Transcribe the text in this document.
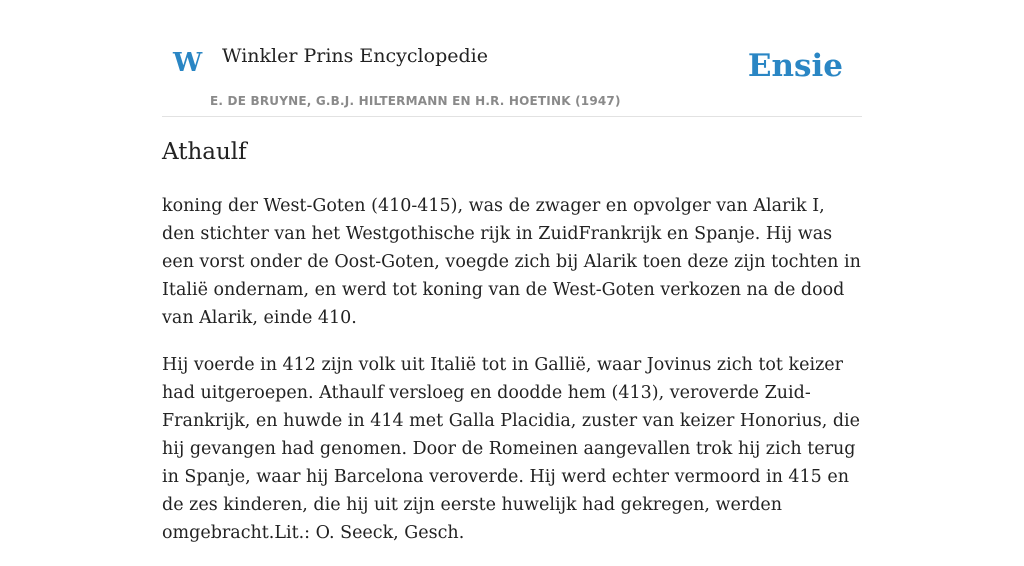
W Winkler Prins Encyclopedie
E. DE BRUYNE, G.B.J. HILTERMANN EN H.R. HOETINK (1947)
Ensie
Athaulf

koning der West-Goten (410-415), was de zwager en opvolger van Alarik I, den stichter van het Westgothische rijk in ZuidFrankrijk en Spanje. Hij was een vorst onder de Oost-Goten, voegde zich bij Alarik toen deze zijn tochten in Italië ondernam, en werd tot koning van de West-Goten verkozen na de dood van Alarik, einde 410.

Hij voerde in 412 zijn volk uit Italië tot in Gallië, waar Jovinus zich tot keizer had uitgeroepen. Athaulf versloeg en doodde hem (413), veroverde Zuid-Frankrijk, en huwde in 414 met Galla Placidia, zuster van keizer Honorius, die hij gevangen had genomen. Door de Romeinen aangevallen trok hij zich terug in Spanje, waar hij Barcelona veroverde. Hij werd echter vermoord in 415 en de zes kinderen, die hij uit zijn eerste huwelijk had gekregen, werden omgebracht.Lit.: O. Seeck, Gesch.
